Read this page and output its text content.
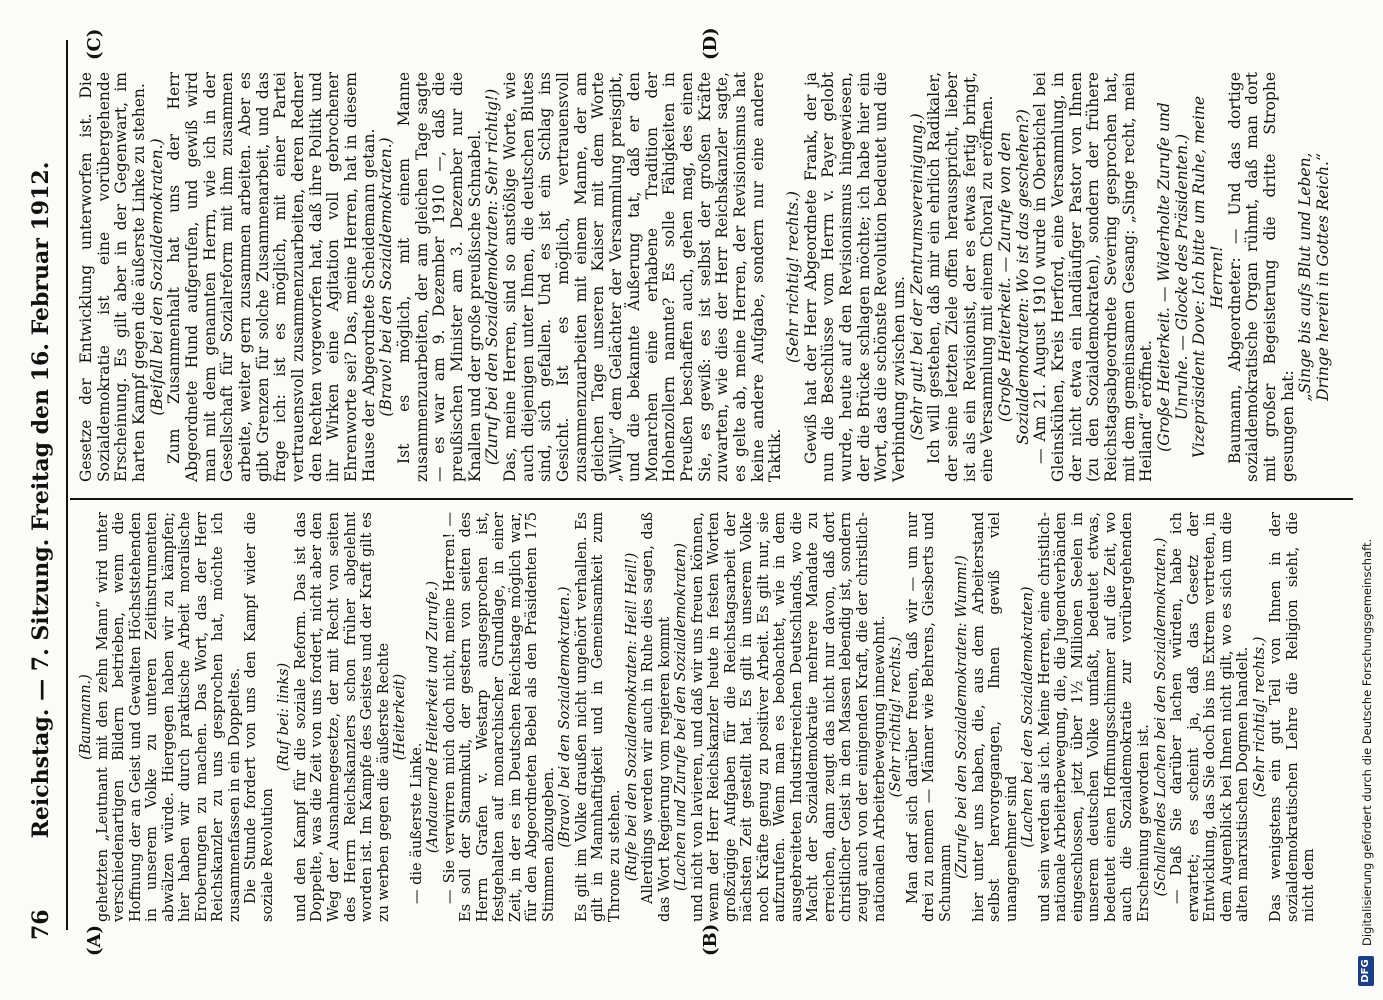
76
Reichstag. — 7. Sitzung. Freitag den 16. Februar 1912.
(A)	(B)
(C)	(D)

(Baumann.) gehetzten „Leutnant mit den zehn Mann“ wird unter verschiedenartigen Bildern betrieben, wenn die Hoffnung der an Geist und Gewalten Höchststehenden in unserem Volke zu unteren Zeitinstrumenten abwälzen würde. Hiergegen haben wir zu kämpfen; hier haben wir durch praktische Arbeit moralische Eroberungen zu machen. Das Wort, das der Herr Reichskanzler zu uns gesprochen hat, möchte ich zusammenfassen in ein Doppeltes. Die Stunde fordert von uns den Kampf wider die soziale Revolution

(Ruf bei: links) und den Kampf für die soziale Reform. Das ist das Doppelte, was die Zeit von uns fordert, nicht aber den Weg der Ausnahmegesetze, der mit Recht von seiten des Herrn Reichskanzlers schon früher abgelehnt worden ist. Im Kampfe des Geistes und der Kraft gilt es zu werben gegen die äußerste Rechte (Heiterkeit)

— die äußerste Linke. (Andauernde Heiterkeit und Zurufe.) — Sie verwirren mich doch nicht, meine Herren! — Es soll der Stammkult, der gestern von seiten des Herrn Grafen v. Westarp ausgesprochen ist, festgehalten auf monarchischer Grundlage, in einer Zeit, in der es im Deutschen Reichstage möglich war, für den Abgeordneten Bebel als den Präsidenten 175 Stimmen abzugeben. (Bravo! bei den Sozialdemokraten.) Es gilt im Volke draußen nicht ungehört verhallen. Es gilt in Mannhaftigkeit und in Gemeinsamkeit zum Throne zu stehen. (Rufe bei den Sozialdemokraten: Heil! Heil!) Allerdings werden wir auch in Ruhe dies sagen, daß das Wort Regierung vom regieren kommt (Lachen und Zurufe bei den Sozialdemokraten) und nicht von lavieren, und daß wir uns freuen können, wenn der Herr Reichskanzler heute in festen Worten großzügige Aufgaben für die Reichstagsarbeit der nächsten Zeit gestellt hat. Es gilt in unserem Volke noch Kräfte genug zu positiver Arbeit. Es gilt nur, sie aufzurufen. Wenn man es beobachtet, wie in dem ausgebreiteten Industriereichen Deutschlands, wo die Macht der Sozialdemokratie mehrere Mandate zu erreichen, dann zeugt das nicht nur davon, daß dort christlicher Geist in den Massen lebendig ist, sondern zeugt auch von der einigenden Kraft, die der christlich-nationalen Arbeiterbewegung innewohnt. (Sehr richtig! rechts.) Man darf sich darüber freuen, daß wir — um nur drei zu nennen — Männer wie Behrens, Giesberts und Schumann

(Zurufe bei den Sozialdemokraten: Wumm!) hier unter uns haben, die, aus dem Arbeiterstand selbst hervorgegangen, Ihnen gewiß viel unangenehmer sind

(Lachen bei den Sozialdemokraten) und sein werden als ich. Meine Herren, eine christlich-nationale Arbeiterbewegung, die, die Jugendverbänden eingeschlossen, jetzt über 1½ Millionen Seelen in unserem deutschen Volke umfaßt, bedeutet etwas, bedeutet einen Hoffnungsschimmer auf die Zeit, wo auch die Sozialdemokratie zur vorübergehenden Erscheinung geworden ist. (Schallendes Lachen bei den Sozialdemokraten.) — Daß Sie darüber lachen würden, habe ich erwartet; es scheint ja, daß das Gesetz der Entwicklung, das Sie doch bis ins Extrem vertreten, in dem Augenblick bei Ihnen nicht gilt, wo es sich um die alten marxistischen Dogmen handelt. (Sehr richtig! rechts.) Das wenigstens ein gut Teil von Ihnen in der sozialdemokratischen Lehre die Religion sieht, die nicht dem

Gesetze der Entwicklung unterworfen ist. Die Sozialdemokratie ist eine vorübergehende Erscheinung. Es gilt aber in der Gegenwart, im harten Kampf gegen die äußerste Linke zu stehen. (Beifall bei den Sozialdemokraten.) Zum Zusammenhalt hat uns der Herr Abgeordnete Hund aufgerufen, und gewiß wird man mit dem genannten Herrn, wie ich in der Gesellschaft für Sozialreform mit ihm zusammen arbeite, weiter gern zusammen arbeiten. Aber es gibt Grenzen für solche Zusammenarbeit, und das frage ich: ist es möglich, mit einer Partei vertrauensvoll zusammenzuarbeiten, deren Redner den Rechten vorgeworfen hat, daß ihre Politik und ihr Wirken eine Agitation voll gebrochener Ehrenworte sei? Das, meine Herren, hat in diesem Hause der Abgeordnete Scheidemann getan. (Bravo! bei den Sozialdemokraten.) Ist es möglich, mit einem Manne zusammenzuarbeiten, der am gleichen Tage sagte — es war am 9. Dezember 1910 —, daß die preußischen Minister am 3. Dezember nur die Knallen und der große preußische Schnabel. (Zuruf bei den Sozialdemokraten: Sehr richtig!) Das, meine Herren, sind so anstößige Worte, wie auch diejenigen unter Ihnen, die deutschen Blutes sind, sich gefallen. Und es ist ein Schlag ins Gesicht. Ist es möglich, vertrauensvoll zusammenzuarbeiten mit einem Manne, der am gleichen Tage unseren Kaiser mit dem Worte „Willy“ dem Gelächter der Versammlung preisgibt, und die bekannte Äußerung tat, daß er den Monarchen eine erhabene Tradition der Hohenzollern nannte? Es solle Fähigkeiten in Preußen beschaffen auch, gehen mag, des einen Sie, es gewiß: es ist selbst der großen Kräfte zuwarten, wie dies der Herr Reichskanzler sagte, es gelte ab, meine Herren, der Revisionismus hat keine andere Aufgabe, sondern nur eine andere Taktik.

(Sehr richtig! rechts.) Gewiß hat der Herr Abgeordnete Frank, der ja nun die Beschlüsse vom Herrn v. Payer gelobt wurde, heute auf den Revisionismus hingewiesen, der die Brücke schlagen möchte; ich habe hier ein Wort, das die schönste Revolution bedeutet und die Verbindung zwischen uns. (Sehr gut! bei der Zentrumsvereinigung.) Ich will gestehen, daß mir ein ehrlich Radikaler, der seine letzten Ziele offen herausspricht, lieber ist als ein Revisionist, der es etwas fertig bringt, eine Versammlung mit einem Choral zu eröffnen. (Große Heiterkeit. — Zurufe von den Sozialdemokraten: Wo ist das geschehen?) — Am 21. August 1910 wurde in Oberbichel bei Gleinskühen, Kreis Herford, eine Versammlung, in der nicht etwa ein landläufiger Pastor von Ihnen (zu den Sozialdemokraten), sondern der frühere Reichstagsabgeordnete Severing gesprochen hat, mit dem gemeinsamen Gesang: „Singe recht, mein Heiland“ eröffnet. (Große Heiterkeit. — Widerholte Zurufe und Unruhe. — Glocke des Präsidenten.) Vizepräsident Dove: Ich bitte um Ruhe, meine Herren! Baumann, Abgeordneter: — Und das dortige sozialdemokratische Organ rühmt, daß man dort mit großer Begeisterung die dritte Strophe gesungen hat:

„Singe bis aufs Blut und Leben, Dringe herein in Gottes Reich.“

DFG
Digitalisierung gefördert durch die Deutsche Forschungsgemeinschaft.
